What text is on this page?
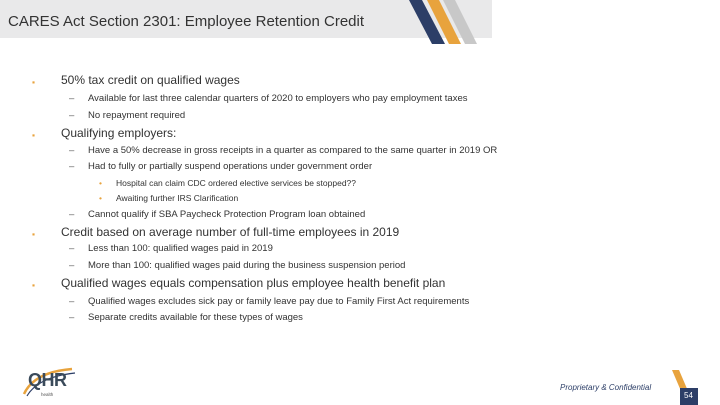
CARES Act Section 2301: Employee Retention Credit
▪ 50% tax credit on qualified wages
– Available for last three calendar quarters of 2020 to employers who pay employment taxes
– No repayment required
▪ Qualifying employers:
– Have a 50% decrease in gross receipts in a quarter as compared to the same quarter in 2019 OR
– Had to fully or partially suspend operations under government order
• Hospital can claim CDC ordered elective services be stopped??
• Awaiting further IRS Clarification
– Cannot qualify if SBA Paycheck Protection Program loan obtained
▪ Credit based on average number of full-time employees in 2019
– Less than 100: qualified wages paid in 2019
– More than 100: qualified wages paid during the business suspension period
▪ Qualified wages equals compensation plus employee health benefit plan
– Qualified wages excludes sick pay or family leave pay due to Family First Act requirements
– Separate credits available for these types of wages
QHR
health
Proprietary & Confidential
54
